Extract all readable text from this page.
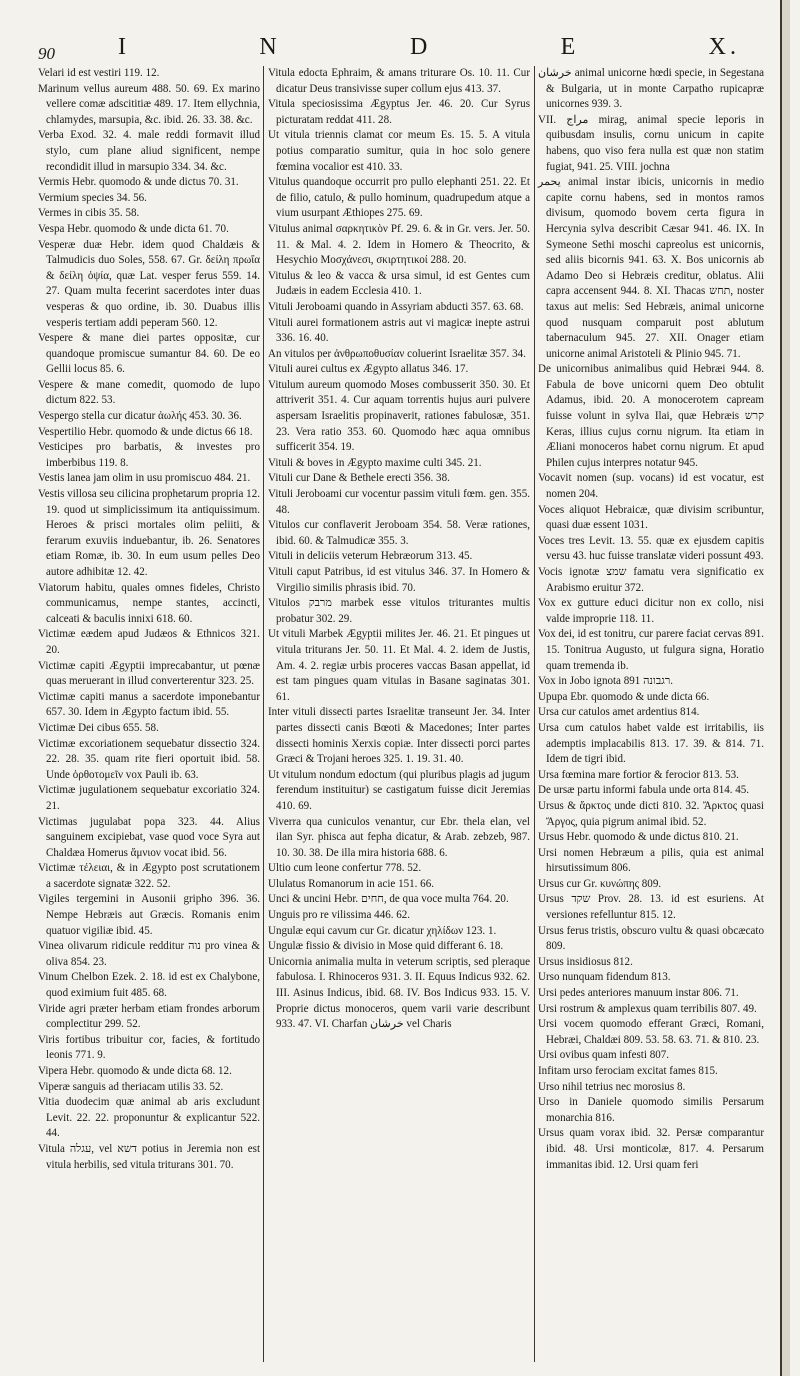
90	I	N	D	E	X.

Velari id est vestiri 119. 12.

Marinum vellus aureum 488. 50. 69. Ex marino vellere comæ adscititiæ 489. 17. Item ellychnia, chlamydes, marsupia, &c. ibid. 26. 33. 38. &c.

Verba Exod. 32. 4. male reddi formavit illud stylo, cum plane aliud significent, nempe recondidit illud in marsupio 334. 34. &c.

Vermis Hebr. quomodo & unde dictus 70. 31.

Vermium species 34. 56.

Vermes in cibis 35. 58.

Vespa Hebr. quomodo & unde dicta 61. 70.

Vesperæ duæ Hebr. idem quod Chaldæis & Talmudicis duo Soles, 558. 67. Gr. δείλη πρωΐα & δείλη ὀψία, quæ Lat. vesper ferus 559. 14. 27. Quam multa fecerint sacerdotes inter duas vesperas & quo ordine, ib. 30. Duabus illis vesperis tertiam addi peperam 560. 12.

Vespere & mane diei partes oppositæ, cur quandoque promiscue sumantur 84. 60. De eo Gellii locus 85. 6.

Vespere & mane comedit, quomodo de lupo dictum 822. 53.

Vespergo stella cur dicatur ἀωλής 453. 30. 36.

Vespertilio Hebr. quomodo & unde dictus 66 18.

Vesticipes pro barbatis, & investes pro imberbibus 119. 8.

Vestis lanea jam olim in usu promiscuo 484. 21.

Vestis villosa seu cilicina prophetarum propria 12. 19. quod ut simplicissimum ita antiquissimum. Heroes & prisci mortales olim peliiti, & ferarum exuviis induebantur, ib. 26. Senatores etiam Romæ, ib. 30. In eum usum pelles Deo autore adhibitæ 12. 42.

Viatorum habitu, quales omnes fideles, Christo communicamus, nempe stantes, accincti, calceati & baculis innixi 618. 60.

Victimæ eædem apud Judæos & Ethnicos 321. 20.

Victimæ capiti Ægyptii imprecabantur, ut pœnæ quas meruerant in illud converterentur 323. 25.

Victimæ capiti manus a sacerdote imponebantur 657. 30. Idem in Ægypto factum ibid. 55.

Victimæ Dei cibus 655. 58.

Victimæ excoriationem sequebatur dissectio 324. 22. 28. 35. quam rite fieri oportuit ibid. 58. Unde ὀρθοτομεῖν vox Pauli ib. 63.

Victimæ jugulationem sequebatur excoriatio 324. 21.

Victimas jugulabat popa 323. 44. Alius sanguinem excipiebat, vase quod voce Syra aut Chaldæa Homerus ἄμνιον vocat ibid. 56.

Victimæ τέλειαι, & in Ægypto post scrutationem a sacerdote signatæ 322. 52.

Vigiles tergemini in Ausonii gripho 396. 36. Nempe Hebræis aut Græcis. Romanis enim quatuor vigiliæ ibid. 45.

Vinea olivarum ridicule redditur נוה pro vinea & oliva 854. 23.

Vinum Chelbon Ezek. 2. 18. id est ex Chalybone, quod eximium fuit 485. 68.

Viride agri præter herbam etiam frondes arborum complectitur 299. 52.

Viris fortibus tribuitur cor, facies, & fortitudo leonis 771. 9.

Vipera Hebr. quomodo & unde dicta 68. 12.

Viperæ sanguis ad theriacam utilis 33. 52.

Vitia duodecim quæ animal ab aris excludunt Levit. 22. 22. proponuntur & explicantur 522. 44.

Vitula עגלה, vel דשא potius in Jeremia non est vitula herbilis, sed vitula triturans 301. 70.

Vitula edocta Ephraim, & amans triturare Os. 10. 11. Cur dicatur Deus transivisse super collum ejus 413. 37.

Vitula speciosissima Ægyptus Jer. 46. 20. Cur Syrus picturatam reddat 411. 28.

Ut vitula triennis clamat cor meum Es. 15. 5. A vitula potius comparatio sumitur, quia in hoc solo genere fœmina vocalior est 410. 33.

Vitulus quandoque occurrit pro pullo elephanti 251. 22. Et de filio, catulo, & pullo hominum, quadrupedum atque a vium usurpant Æthiopes 275. 69.

Vitulus animal σαρκητικὸν Pf. 29. 6. & in Gr. vers. Jer. 50. 11. & Mal. 4. 2. Idem in Homero & Theocrito, & Hesychio Μοσχάνεσι, σκιρτητικοί 288. 20.

Vitulus & leo & vacca & ursa simul, id est Gentes cum Judæis in eadem Ecclesia 410. 1.

Vituli Jeroboami quando in Assyriam abducti 357. 63. 68.

Vituli aurei formationem astris aut vi magicæ inepte astrui 336. 16. 40.

An vitulos per ἀνθρωποθυσίαν coluerint Israelitæ 357. 34.

Vituli aurei cultus ex Ægypto allatus 346. 17.

Vitulum aureum quomodo Moses combusserit 350. 30. Et attriverit 351. 4. Cur aquam torrentis hujus auri pulvere aspersam Israelitis propinaverit, rationes fabulosæ, 351. 23. Vera ratio 353. 60. Quomodo hæc aqua omnibus sufficerit 354. 19.

Vituli & boves in Ægypto maxime culti 345. 21.

Vituli cur Dane & Bethele erecti 356. 38.

Vituli Jeroboami cur vocentur passim vituli fœm. gen. 355. 48.

Vitulos cur conflaverit Jeroboam 354. 58. Veræ rationes, ibid. 60. & Talmudicæ 355. 3.

Vituli in deliciis veterum Hebræorum 313. 45.

Vituli caput Patribus, id est vitulus 346. 37. In Homero & Virgilio similis phrasis ibid. 70.

Vitulos מרבק marbek esse vitulos triturantes multis probatur 302. 29.

Ut vituli Marbek Ægyptii milites Jer. 46. 21. Et pingues ut vitula triturans Jer. 50. 11. Et Mal. 4. 2. idem de Justis, Am. 4. 2. regiæ urbis proceres vaccas Basan appellat, id est tam pingues quam vitulas in Basane saginatas 301. 61.

Inter vituli dissecti partes Israelitæ transeunt Jer. 34. Inter partes dissecti canis Bœoti & Macedones; Inter partes dissecti hominis Xerxis copiæ. Inter dissecti porci partes Græci & Trojani heroes 325. 1. 19. 31. 40.

Ut vitulum nondum edoctum (qui pluribus plagis ad jugum ferendum instituitur) se castigatum fuisse dicit Jeremias 410. 69.

Viverra qua cuniculos venantur, cur Ebr. thela elan, vel ilan Syr. phisca aut fepha dicatur, & Arab. zebzeb, 987. 10. 30. 38. De illa mira historia 688. 6.

Ultio cum leone confertur 778. 52.

Ululatus Romanorum in acie 151. 66.

Unci & uncini Hebr. חחים, de qua voce multa 764. 20.

Unguis pro re vilissima 446. 62.

Ungulæ equi cavum cur Gr. dicatur χηλίδων 123. 1.

Ungulæ fissio & divisio in Mose quid differant 6. 18.

Unicornia animalia multa in veterum scriptis, sed pleraque fabulosa. I. Rhinoceros 931. 3. II. Equus Indicus 932. 62. III. Asinus Indicus, ibid. 68. IV. Bos Indicus 933. 15. V. Proprie dictus monoceros, quem varii varie describunt 933. 47. VI. Charfan خرشان vel Charis

خرشان animal unicorne hœdi specie, in Segestana & Bulgaria, ut in monte Carpatho rupicapræ unicornes 939. 3.

VII. مراج mirag, animal specie leporis in quibusdam insulis, cornu unicum in capite habens, quo viso fera nulla est quæ non statim fugiat, 941. 25. VIII. jochna

يحمر animal instar ibicis, unicornis in medio capite cornu habens, sed in montos ramos divisum, quomodo bovem certa figura in Hercynia sylva describit Cæsar 941. 46. IX. In Symeone Sethi moschi capreolus est unicornis, sed aliis bicornis 941. 63. X. Bos unicornis ab Adamo Deo si Hebræis creditur, oblatus. Alii capra accensent 944. 8. XI. Thacas תחש, noster taxus aut melis: Sed Hebræis, animal unicorne quod nusquam comparuit post ablutum tabernaculum 945. 27. XII. Onager etiam unicorne animal Aristoteli & Plinio 945. 71.

De unicornibus animalibus quid Hebræi 944. 8. Fabula de bove unicorni quem Deo obtulit Adamus, ibid. 20. A monocerotem capream fuisse volunt in sylva Ilai, quæ Hebræis קרש Keras, illius cujus cornu nigrum. Ita etiam in Æliani monoceros habet cornu nigrum. Et apud Philen cujus interpres notatur 945.

Vocavit nomen (sup. vocans) id est vocatur, est nomen 204.

Voces aliquot Hebraicæ, quæ divisim scribuntur, quasi duæ essent 1031.

Voces tres Levit. 13. 55. quæ ex ejusdem capitis versu 43. huc fuisse translatæ videri possunt 493.

Vocis ignotæ שמצ famatu vera significatio ex Arabismo eruitur 372.

Vox ex gutture educi dicitur non ex collo, nisi valde improprie 118. 11.

Vox dei, id est tonitru, cur parere faciat cervas 891. 15. Tonitrua Augusto, ut fulgura signa, Horatio quam tremenda ib.

Vox in Jobo ignota רגבונה 891.

Upupa Ebr. quomodo & unde dicta 66.

Ursa cur catulos amet ardentius 814.

Ursa cum catulos habet valde est irritabilis, iis ademptis implacabilis 813. 17. 39. & 814. 71. Idem de tigri ibid.

Ursa fœmina mare fortior & ferocior 813. 53.

De ursæ partu informi fabula unde orta 814. 45.

Ursus & ἄρκτος unde dicti 810. 32. Ἄρκτος quasi Ἄργος, quia pigrum animal ibid. 52.

Ursus Hebr. quomodo & unde dictus 810. 21.

Ursi nomen Hebræum a pilis, quia est animal hirsutissimum 806.

Ursus cur Gr. κυνώπης 809.

Ursus שקד Prov. 28. 13. id est esuriens. At versiones refelluntur 815. 12.

Ursus ferus tristis, obscuro vultu & quasi obcæcato 809.

Ursus insidiosus 812.

Urso nunquam fidendum 813.

Ursi pedes anteriores manuum instar 806. 71.

Ursi rostrum & amplexus quam terribilis 807. 49.

Ursi vocem quomodo efferant Græci, Romani, Hebræi, Chaldæi 809. 53. 58. 63. 71. & 810. 23.

Ursi ovibus quam infesti 807.

Infitam urso ferociam excitat fames 815.

Urso nihil tetrius nec morosius 8.

Urso in Daniele quomodo similis Persarum monarchia 816.

Ursus quam vorax ibid. 32. Persæ comparantur ibid. 48. Ursi monticolæ, 817. 4. Persarum immanitas ibid. 12. Ursi quam feri
